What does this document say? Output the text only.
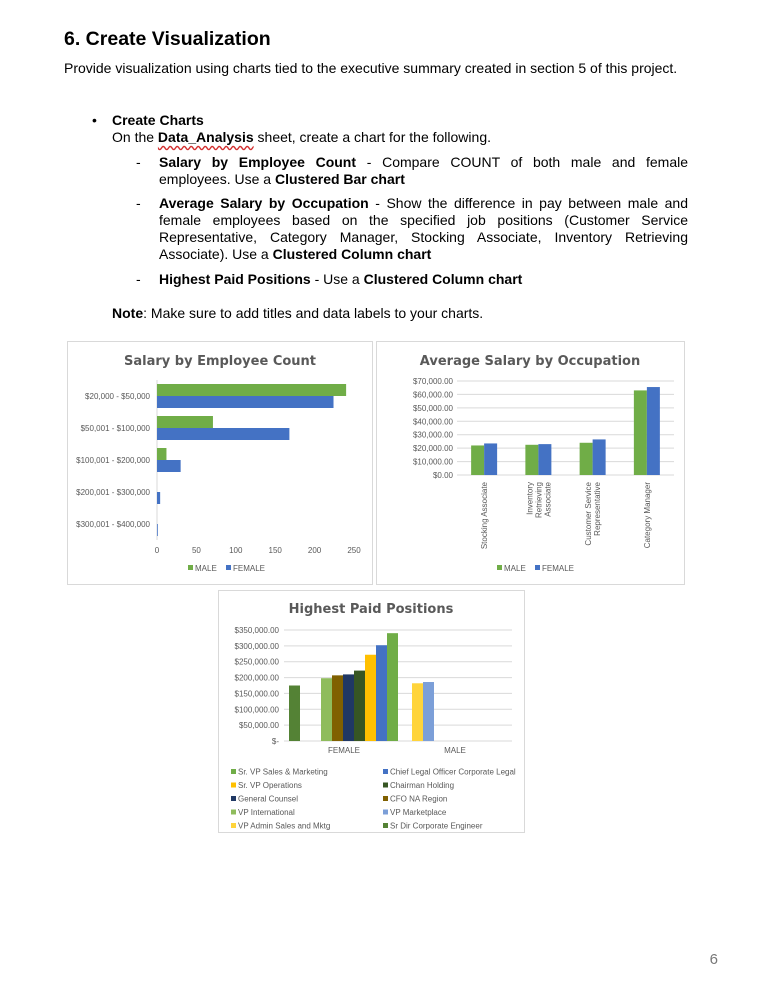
6. Create Visualization
Provide visualization using charts tied to the executive summary created in section 5 of this project.
• Create Charts
On the Data_Analysis sheet, create a chart for the following.
- Salary by Employee Count - Compare COUNT of both male and female employees. Use a Clustered Bar chart
- Average Salary by Occupation - Show the difference in pay between male and female employees based on the specified job positions (Customer Service Representative, Category Manager, Stocking Associate, Inventory Retrieving Associate). Use a Clustered Column chart
- Highest Paid Positions - Use a Clustered Column chart
Note: Make sure to add titles and data labels to your charts.
Salary by Employee Count
0	50	100	150	200	250
$20,000 - $50,000
$50,001 - $100,000
$100,001 - $200,000
$200,001 - $300,000
$300,001 - $400,000
MALE FEMALE
Average Salary by Occupation
$0.00
$10,000.00
$20,000.00
$30,000.00
$40,000.00
$50,000.00
$60,000.00
$70,000.00
Stocking Associate	InventoryRetrievingAssociate	Customer ServiceRepresentative	Category Manager
MALE FEMALE
Highest Paid Positions
$-
$50,000.00
$100,000.00
$150,000.00
$200,000.00
$250,000.00
$300,000.00
$350,000.00
FEMALE	MALE
Sr. VP Sales & Marketing	Chief Legal Officer Corporate Legal
Sr. VP Operations	Chairman Holding
General Counsel	CFO NA Region
VP International	VP Marketplace
VP Admin Sales and Mktg	Sr Dir Corporate Engineer
6
